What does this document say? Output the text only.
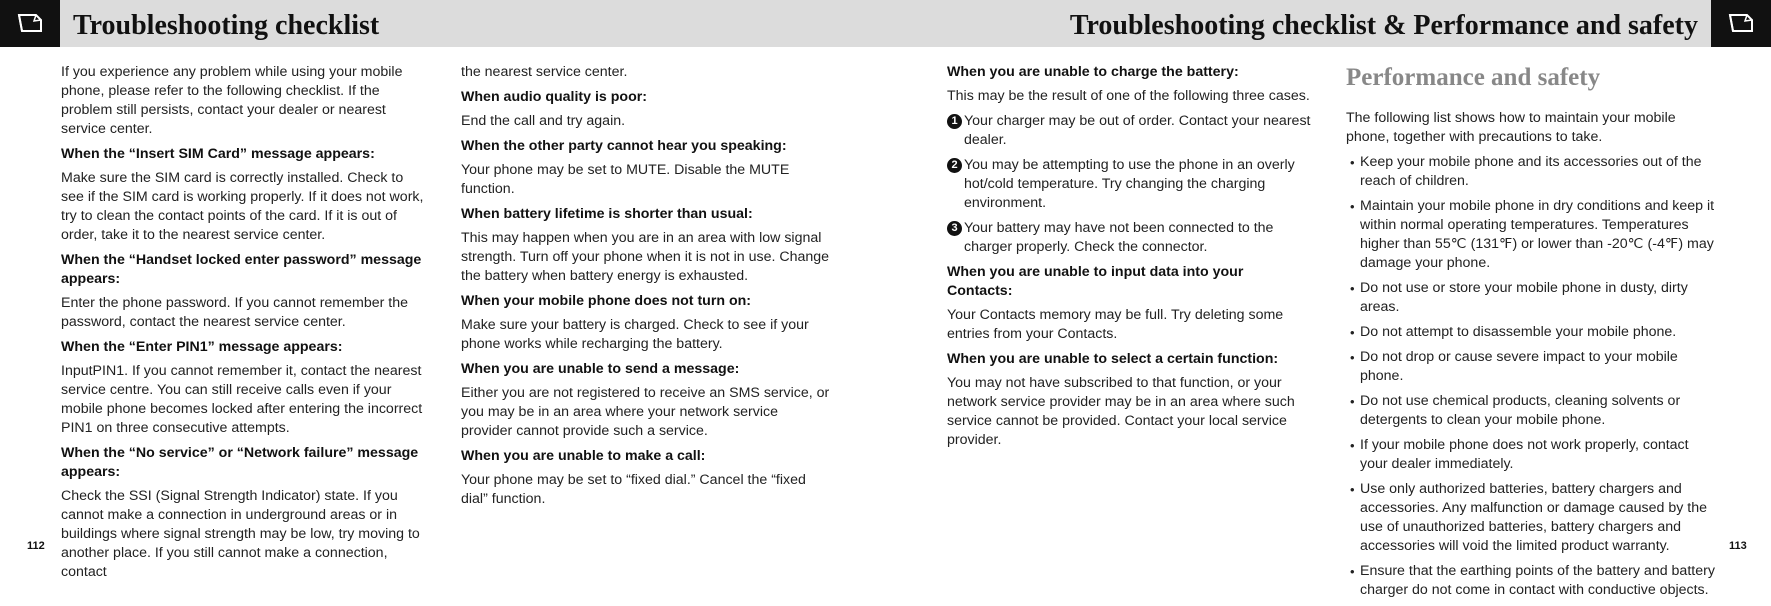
Troubleshooting checklist	Troubleshooting checklist & Performance and safety

If you experience any problem while using your mobile phone, please refer to the following checklist. If the problem still persists, contact your dealer or nearest service center.

When the “Insert SIM Card” message appears:

Make sure the SIM card is correctly installed. Check to see if the SIM card is working properly. If it does not work, try to clean the contact points of the card. If it is out of order, take it to the nearest service center.

When the “Handset locked enter password” message appears:

Enter the phone password. If you cannot remember the password, contact the nearest service center.

When the “Enter PIN1” message appears:

InputPIN1. If you cannot remember it, contact the nearest service centre. You can still receive calls even if your mobile phone becomes locked after entering the incorrect PIN1 on three consecutive attempts.

When the “No service” or “Network failure” message appears:

Check the SSI (Signal Strength Indicator) state. If you cannot make a connection in underground areas or in buildings where signal strength may be low, try moving to another place. If you still cannot make a connection, contact

the nearest service center.

When audio quality is poor:

End the call and try again.

When the other party cannot hear you speaking:

Your phone may be set to MUTE. Disable the MUTE function.

When battery lifetime is shorter than usual:

This may happen when you are in an area with low signal strength. Turn off your phone when it is not in use. Change the battery when battery energy is exhausted.

When your mobile phone does not turn on:

Make sure your battery is charged. Check to see if your phone works while recharging the battery.

When you are unable to send a message:

Either you are not registered to receive an SMS service, or you may be in an area where your network service provider cannot provide such a service.

When you are unable to make a call:

Your phone may be set to “fixed dial.” Cancel the “fixed dial” function.

When you are unable to charge the battery:

This may be the result of one of the following three cases.

1 Your charger may be out of order. Contact your nearest dealer.
2 You may be attempting to use the phone in an overly hot/cold temperature. Try changing the charging environment.
3 Your battery may have not been connected to the charger properly. Check the connector.

When you are unable to input data into your Contacts:

Your Contacts memory may be full. Try deleting some entries from your Contacts.

When you are unable to select a certain function:

You may not have subscribed to that function, or your network service provider may be in an area where such service cannot be provided. Contact your local service provider.

Performance and safety

The following list shows how to maintain your mobile phone, together with precautions to take.

• Keep your mobile phone and its accessories out of the reach of children.
• Maintain your mobile phone in dry conditions and keep it within normal operating temperatures. Temperatures higher than 55℃ (131℉) or lower than -20℃ (-4℉) may damage your phone.
• Do not use or store your mobile phone in dusty, dirty areas.
• Do not attempt to disassemble your mobile phone.
• Do not drop or cause severe impact to your mobile phone.
• Do not use chemical products, cleaning solvents or detergents to clean your mobile phone.
• If your mobile phone does not work properly, contact your dealer immediately.
• Use only authorized batteries, battery chargers and accessories. Any malfunction or damage caused by the use of unauthorized batteries, battery chargers and accessories will void the limited product warranty.
• Ensure that the earthing points of the battery and battery charger do not come in contact with conductive objects.
112	113
